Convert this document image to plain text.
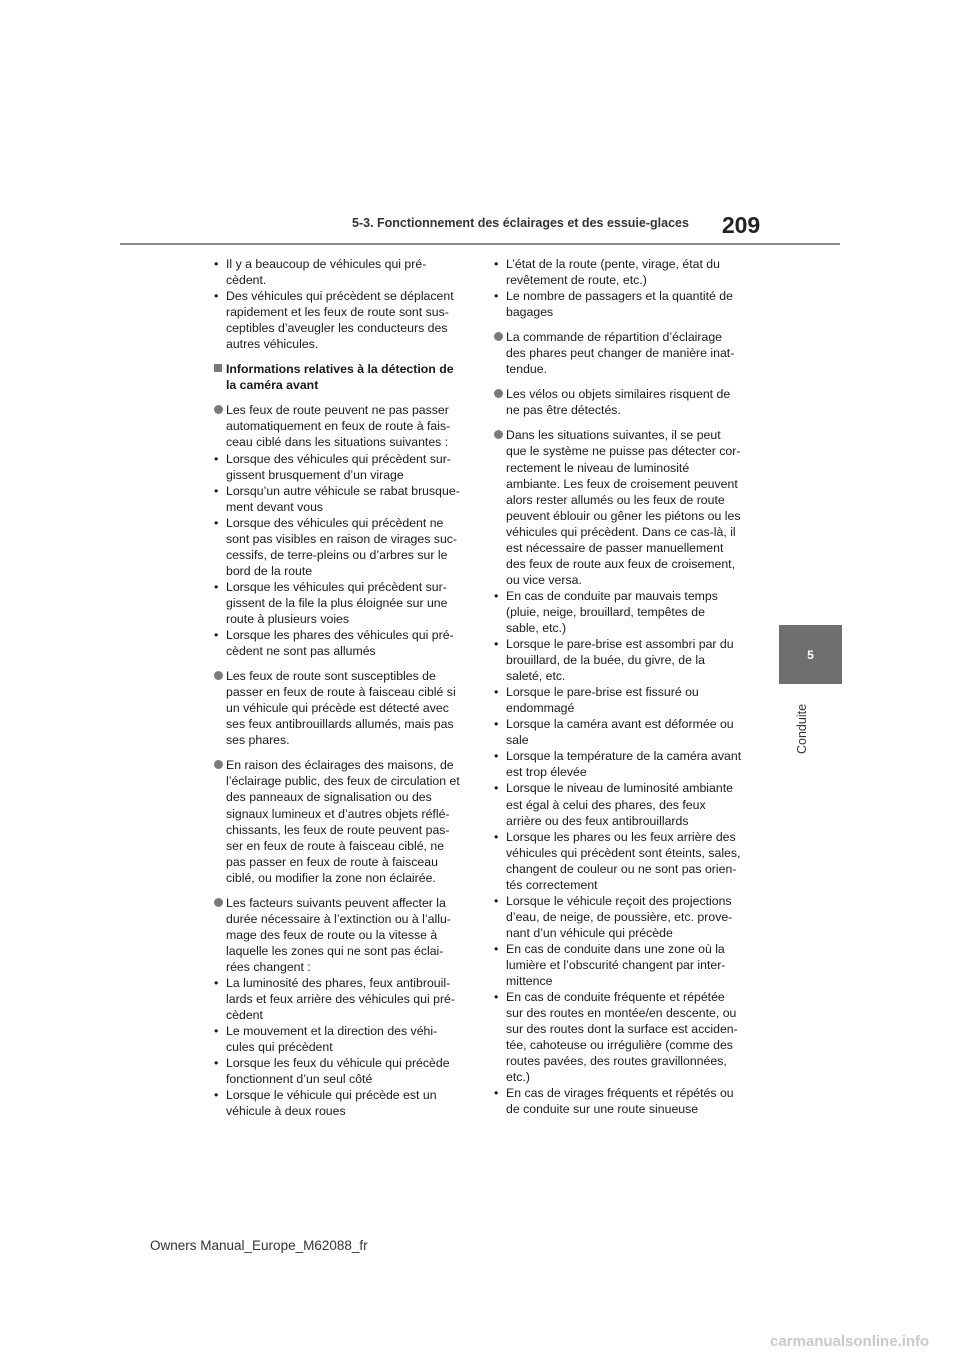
5-3. Fonctionnement des éclairages et des essuie-glaces	209
5
Conduite
• Il y a beaucoup de véhicules qui pré-
cèdent.
• Des véhicules qui précèdent se déplacent
rapidement et les feux de route sont sus-
ceptibles d’aveugler les conducteurs des
autres véhicules.
Informations relatives à la détection de
la caméra avant
Les feux de route peuvent ne pas passer
automatiquement en feux de route à fais-
ceau ciblé dans les situations suivantes :
• Lorsque des véhicules qui précèdent sur-
gissent brusquement d’un virage
• Lorsqu’un autre véhicule se rabat brusque-
ment devant vous
• Lorsque des véhicules qui précèdent ne
sont pas visibles en raison de virages suc-
cessifs, de terre-pleins ou d’arbres sur le
bord de la route
• Lorsque les véhicules qui précèdent sur-
gissent de la file la plus éloignée sur une
route à plusieurs voies
• Lorsque les phares des véhicules qui pré-
cèdent ne sont pas allumés
Les feux de route sont susceptibles de
passer en feux de route à faisceau ciblé si
un véhicule qui précède est détecté avec
ses feux antibrouillards allumés, mais pas
ses phares.
En raison des éclairages des maisons, de
l’éclairage public, des feux de circulation et
des panneaux de signalisation ou des
signaux lumineux et d’autres objets réflé-
chissants, les feux de route peuvent pas-
ser en feux de route à faisceau ciblé, ne
pas passer en feux de route à faisceau
ciblé, ou modifier la zone non éclairée.
Les facteurs suivants peuvent affecter la
durée nécessaire à l’extinction ou à l’allu-
mage des feux de route ou la vitesse à
laquelle les zones qui ne sont pas éclai-
rées changent :
• La luminosité des phares, feux antibrouil-
lards et feux arrière des véhicules qui pré-
cèdent
• Le mouvement et la direction des véhi-
cules qui précèdent
• Lorsque les feux du véhicule qui précède
fonctionnent d’un seul côté
• Lorsque le véhicule qui précède est un
véhicule à deux roues
• L’état de la route (pente, virage, état du
revêtement de route, etc.)
• Le nombre de passagers et la quantité de
bagages
La commande de répartition d’éclairage
des phares peut changer de manière inat-
tendue.
Les vélos ou objets similaires risquent de
ne pas être détectés.
Dans les situations suivantes, il se peut
que le système ne puisse pas détecter cor-
rectement le niveau de luminosité
ambiante. Les feux de croisement peuvent
alors rester allumés ou les feux de route
peuvent éblouir ou gêner les piétons ou les
véhicules qui précèdent. Dans ce cas-là, il
est nécessaire de passer manuellement
des feux de route aux feux de croisement,
ou vice versa.
• En cas de conduite par mauvais temps
(pluie, neige, brouillard, tempêtes de
sable, etc.)
• Lorsque le pare-brise est assombri par du
brouillard, de la buée, du givre, de la
saleté, etc.
• Lorsque le pare-brise est fissuré ou
endommagé
• Lorsque la caméra avant est déformée ou
sale
• Lorsque la température de la caméra avant
est trop élevée
• Lorsque le niveau de luminosité ambiante
est égal à celui des phares, des feux
arrière ou des feux antibrouillards
• Lorsque les phares ou les feux arrière des
véhicules qui précèdent sont éteints, sales,
changent de couleur ou ne sont pas orien-
tés correctement
• Lorsque le véhicule reçoit des projections
d’eau, de neige, de poussière, etc. prove-
nant d’un véhicule qui précède
• En cas de conduite dans une zone où la
lumière et l’obscurité changent par inter-
mittence
• En cas de conduite fréquente et répétée
sur des routes en montée/en descente, ou
sur des routes dont la surface est acciden-
tée, cahoteuse ou irrégulière (comme des
routes pavées, des routes gravillonnées,
etc.)
• En cas de virages fréquents et répétés ou
de conduite sur une route sinueuse
Owners Manual_Europe_M62088_fr
carmanualsonline.info
